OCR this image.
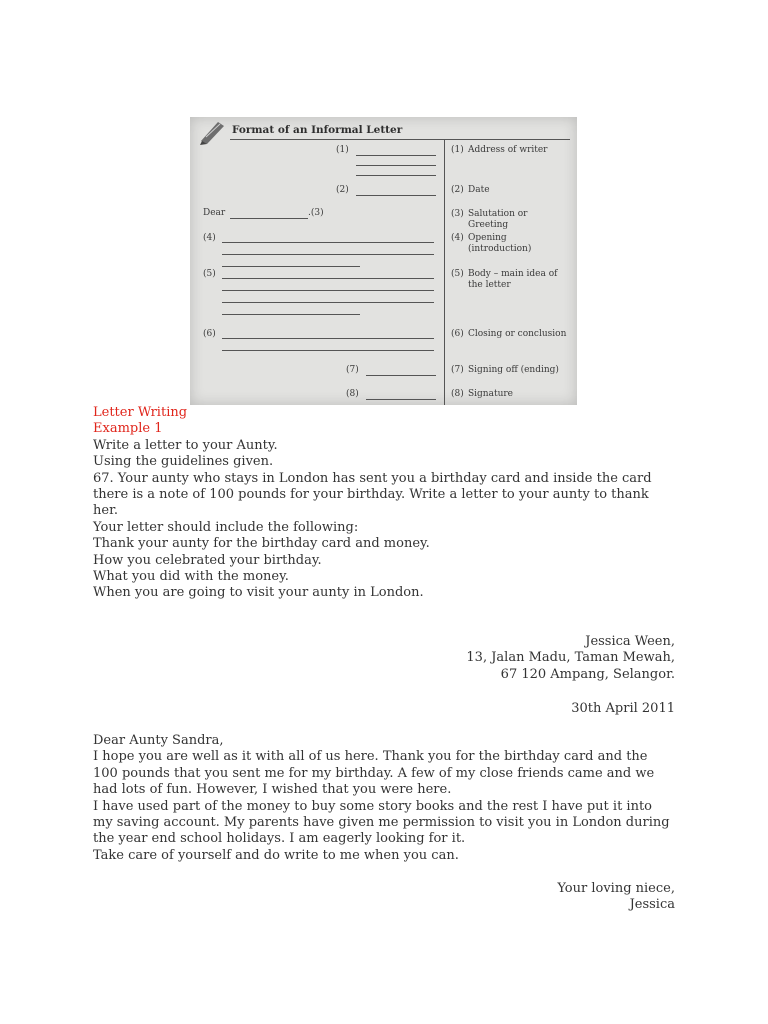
Format of an Informal Letter
(1)
(2)
Dear	.(3)
(4)
(5)
(6)
(7)
(8)
(1) Address of writer
(2) Date
(3) Salutation or Greeting
(4) Opening (introduction)
(5) Body – main idea of the letter
(6) Closing or conclusion
(7) Signing off (ending)
(8) Signature
Letter Writing
Example 1
Write a letter to your Aunty.
Using the guidelines given.
67. Your aunty who stays in London has sent you a birthday card and inside the card there is a note of 100 pounds for your birthday. Write a letter to your aunty to thank her.
Your letter should include the following:
Thank your aunty for the birthday card and money.
How you celebrated your birthday.
What you did with the money.
When you are going to visit your aunty in London.
Jessica Ween,
13, Jalan Madu, Taman Mewah,
67 120 Ampang, Selangor.
30th April 2011
Dear Aunty Sandra,
I hope you are well as it with all of us here. Thank you for the birthday card and the 100 pounds that you sent me for my birthday. A few of my close friends came and we had lots of fun. However, I wished that you were here.
I have used part of the money to buy some story books and the rest I have put it into my saving account. My parents have given me permission to visit you in London during the year end school holidays. I am eagerly looking for it.
Take care of yourself and do write to me when you can.
Your loving niece,
Jessica
